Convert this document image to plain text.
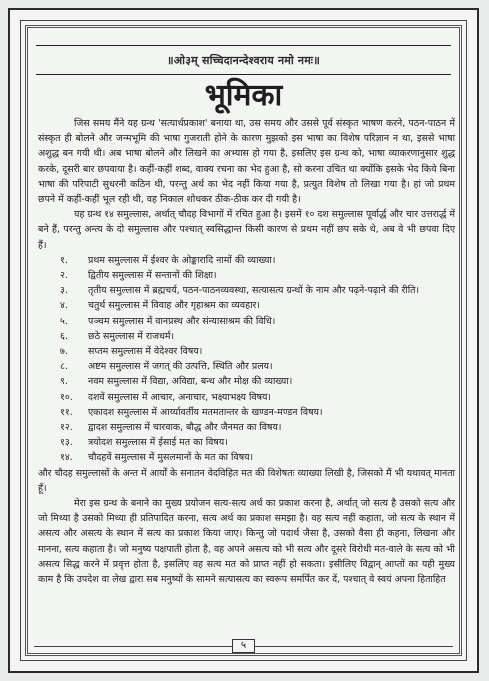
॥ओ३म् सच्चिदानन्देश्वराय नमो नमः॥
भूमिका

जिस समय मैंने यह ग्रन्थ 'सत्यार्थप्रकाश' बनाया था, उस समय और उससे पूर्व संस्कृत भाषण करने, पठन-पाठन में संस्कृत ही बोलने और जन्मभूमि की भाषा गुजराती होने के कारण मुझको इस भाषा का विशेष परिज्ञान न था, इससे भाषा अशुद्ध बन गयी थी। अब भाषा बोलने और लिखने का अभ्यास हो गया है, इसलिए इस ग्रन्थ को, भाषा व्याकरणानुसार शुद्ध करके, दूसरी बार छपवाया है। कहीं-कहीं शब्द, वाक्य रचना का भेद हुआ है, सो करना उचित था क्योंकि इसके भेद किये बिना भाषा की परिपाटी सुधरनी कठिन थी, परन्तु अर्थ का भेद नहीं किया गया है, प्रत्युत विशेष तो लिखा गया है। हां जो प्रथम छपने में कहीं-कहीं भूल रही थी, वह निकाल शोधकर ठीक-ठीक कर दी गयी है।

यह ग्रन्थ १४ समुल्लास, अर्थात् चौदह विभागों में रचित हुआ है। इसमें १० दश समुल्लास पूर्वार्द्ध और चार उत्तरार्द्ध में बने हैं, परन्तु अन्त्य के दो समुल्लास और पश्चात् स्वसिद्धान्त किसी कारण से प्रथम नहीं छप सके थे, अब वे भी छपवा दिए हैं।

१. प्रथम समुल्लास में ईश्वर के ओङ्कारादि नामों की व्याख्या।
२. द्वितीय समुल्लास में सन्तानों की शिक्षा।
३. तृतीय समुल्लास में ब्रह्मचर्य, पठन-पाठनव्यवस्था, सत्यासत्य ग्रन्थों के नाम और पढ़ने-पढ़ाने की रीति।
४. चतुर्थ समुल्लास में विवाह और गृहाश्रम का व्यवहार।
५. पञ्चम समुल्लास में वानप्रस्थ और संन्यासाश्रम की विधि।
६. छठे समुल्लास में राजधर्म।
७. सप्तम समुल्लास में वेदेश्वर विषय।
८. अष्टम समुल्लास में जगत् की उत्पत्ति, स्थिति और प्रलय।
९. नवम समुल्लास में विद्या, अविद्या, बन्ध और मोक्ष की व्याख्या।
१०. दशवें समुल्लास में आचार, अनाचार, भक्ष्याभक्ष्य विषय।
११. एकादश समुल्लास में आर्य्यावर्तीय मतमतान्तर के खण्डन-मण्डन विषय।
१२. द्वादश समुल्लास में चारवाक, बौद्ध और जैनमत का विषय।
१३. त्रयोदश समुल्लास में ईसाई मत का विषय।
१४. चौदहवें समुल्लास में मुसलमानों के मत का विषय।

और चौदह समुल्लासों के अन्त में आर्यों के सनातन वेदविहित मत की विशेषतः व्याख्या लिखी है, जिसको मैं भी यथावत् मानता हूँ।

मेरा इस ग्रन्थ के बनाने का मुख्य प्रयोजन सत्य-सत्य अर्थ का प्रकाश करना है, अर्थात् जो सत्य है उसको सत्य और जो मिथ्या है उसको मिथ्या ही प्रतिपादित करना, सत्य अर्थ का प्रकाश समझा है। वह सत्य नहीं कहाता, जो सत्य के स्थान में असत्य और असत्य के स्थान में सत्य का प्रकाश किया जाए। किन्तु जो पदार्थ जैसा है, उसको वैसा ही कहना, लिखना और मानना, सत्य कहाता है। जो मनुष्य पक्षपाती होता है, वह अपने असत्य को भी सत्य और दूसरे विरोधी मत-वाले के सत्य को भी असत्य सिद्ध करने में प्रवृत्त होता है, इसलिए वह सत्य मत को प्राप्त नहीं हो सकता। इसीलिए विद्वान् आप्तों का यही मुख्य काम है कि उपदेश वा लेख द्वारा सब मनुष्यों के सामने सत्यासत्य का स्वरूप समर्पित कर दें, पश्चात् वे स्वयं अपना हिताहित

५
